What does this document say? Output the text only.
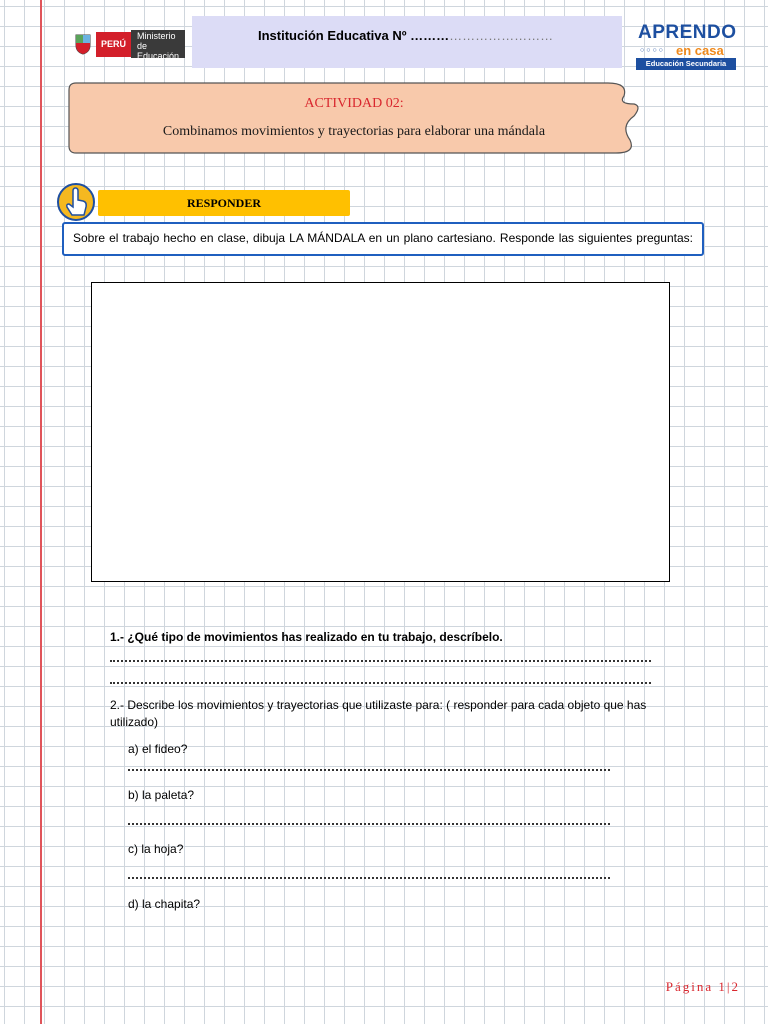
PERÚ
Ministerio
de Educación
Institución Educativa Nº ……………………………	APRENDO
○○○○ en casa
Educación Secundaria
ACTIVIDAD 02:
Combinamos movimientos y trayectorias para elaborar una mándala
RESPONDER
Sobre el trabajo hecho en clase, dibuja LA MÁNDALA en un plano cartesiano. Responde las siguientes preguntas:
1.- ¿Qué tipo de movimientos has realizado en tu trabajo, descríbelo.
2.- Describe los movimientos y trayectorias que utilizaste para: ( responder para cada objeto que has utilizado)
a) el fideo?
b) la paleta?
c) la hoja?
d) la chapita?
Página 1|2
